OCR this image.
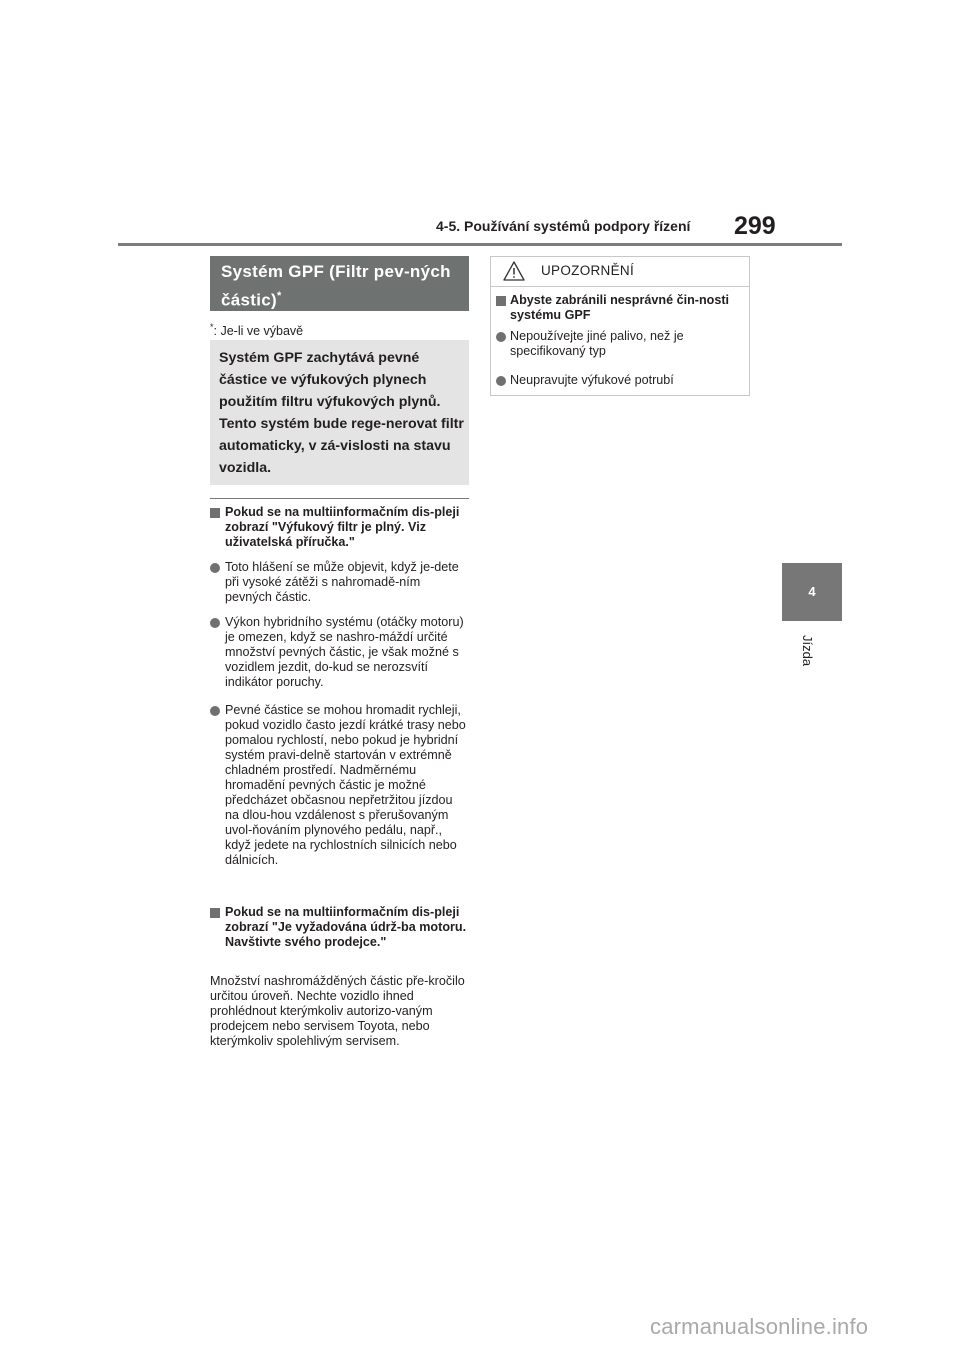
4-5. Používání systémů podpory řízení 299
4
Jízda
Systém GPF (Filtr pev-ných částic)*
*: Je-li ve výbavě
Systém GPF zachytává pevné částice ve výfukových plynech použitím filtru výfukových plynů. Tento systém bude rege-nerovat filtr automaticky, v zá-vislosti na stavu vozidla.
Pokud se na multiinformačním dis-pleji zobrazí "Výfukový filtr je plný. Viz uživatelská příručka."
Toto hlášení se může objevit, když je-dete při vysoké zátěži s nahromadě-ním pevných částic.
Výkon hybridního systému (otáčky motoru) je omezen, když se nashro-máždí určité množství pevných částic, je však možné s vozidlem jezdit, do-kud se nerozsvítí indikátor poruchy.
Pevné částice se mohou hromadit rychleji, pokud vozidlo často jezdí krátké trasy nebo pomalou rychlostí, nebo pokud je hybridní systém pravi-delně startován v extrémně chladném prostředí. Nadměrnému hromadění pevných částic je možné předcházet občasnou nepřetržitou jízdou na dlou-hou vzdálenost s přerušovaným uvol-ňováním plynového pedálu, např., když jedete na rychlostních silnicích nebo dálnicích.
Pokud se na multiinformačním dis-pleji zobrazí "Je vyžadována údrž-ba motoru. Navštivte svého prodejce."
Množství nashromážděných částic pře-kročilo určitou úroveň. Nechte vozidlo ihned prohlédnout kterýmkoliv autorizo-vaným prodejcem nebo servisem Toyota, nebo kterýmkoliv spolehlivým servisem.
UPOZORNĚNÍ
Abyste zabránili nesprávné čin-nosti systému GPF
Nepoužívejte jiné palivo, než je specifikovaný typ
Neupravujte výfukové potrubí
carmanualsonline.info
